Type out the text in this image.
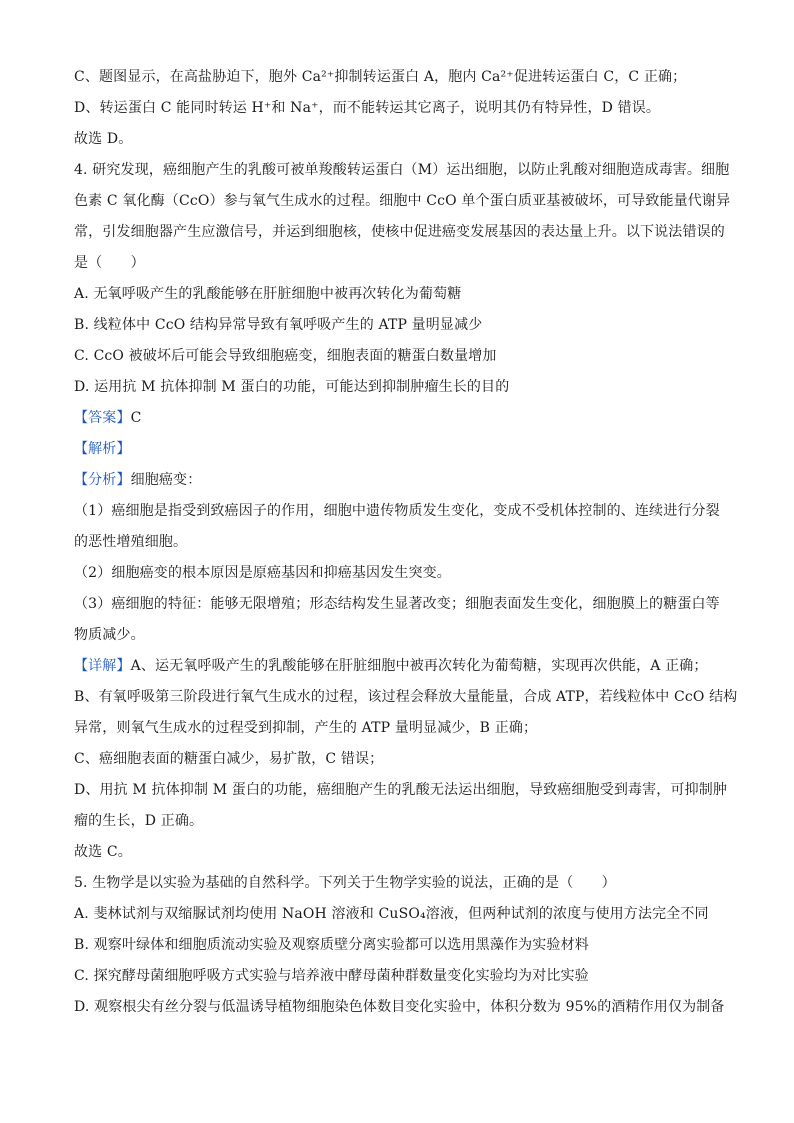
C、题图显示，在高盐胁迫下，胞外 Ca²⁺抑制转运蛋白 A，胞内 Ca²⁺促进转运蛋白 C，C 正确；
D、转运蛋白 C 能同时转运 H⁺和 Na⁺，而不能转运其它离子，说明其仍有特异性，D 错误。
故选 D。
4. 研究发现，癌细胞产生的乳酸可被单羧酸转运蛋白（M）运出细胞，以防止乳酸对细胞造成毒害。细胞
色素 C 氧化酶（CcO）参与氧气生成水的过程。细胞中 CcO 单个蛋白质亚基被破坏，可导致能量代谢异
常，引发细胞器产生应激信号，并运到细胞核，使核中促进癌变发展基因的表达量上升。以下说法错误的
是（　　）
A. 无氧呼吸产生的乳酸能够在肝脏细胞中被再次转化为葡萄糖
B. 线粒体中 CcO 结构异常导致有氧呼吸产生的 ATP 量明显减少
C. CcO 被破坏后可能会导致细胞癌变，细胞表面的糖蛋白数量增加
D. 运用抗 M 抗体抑制 M 蛋白的功能，可能达到抑制肿瘤生长的目的
【答案】C
【解析】
【分析】细胞癌变：
（1）癌细胞是指受到致癌因子的作用，细胞中遗传物质发生变化，变成不受机体控制的、连续进行分裂
的恶性增殖细胞。
（2）细胞癌变的根本原因是原癌基因和抑癌基因发生突变。
（3）癌细胞的特征：能够无限增殖；形态结构发生显著改变；细胞表面发生变化，细胞膜上的糖蛋白等
物质减少。
【详解】A、运无氧呼吸产生的乳酸能够在肝脏细胞中被再次转化为葡萄糖，实现再次供能，A 正确；
B、有氧呼吸第三阶段进行氧气生成水的过程，该过程会释放大量能量，合成 ATP，若线粒体中 CcO 结构
异常，则氧气生成水的过程受到抑制，产生的 ATP 量明显减少，B 正确；
C、癌细胞表面的糖蛋白减少，易扩散，C 错误；
D、用抗 M 抗体抑制 M 蛋白的功能，癌细胞产生的乳酸无法运出细胞，导致癌细胞受到毒害，可抑制肿
瘤的生长，D 正确。
故选 C。
5. 生物学是以实验为基础的自然科学。下列关于生物学实验的说法，正确的是（　　）
A. 斐林试剂与双缩脲试剂均使用 NaOH 溶液和 CuSO₄溶液，但两种试剂的浓度与使用方法完全不同
B. 观察叶绿体和细胞质流动实验及观察质壁分离实验都可以选用黑藻作为实验材料
C. 探究酵母菌细胞呼吸方式实验与培养液中酵母菌种群数量变化实验均为对比实验
D. 观察根尖有丝分裂与低温诱导植物细胞染色体数目变化实验中，体积分数为 95%的酒精作用仅为制备
